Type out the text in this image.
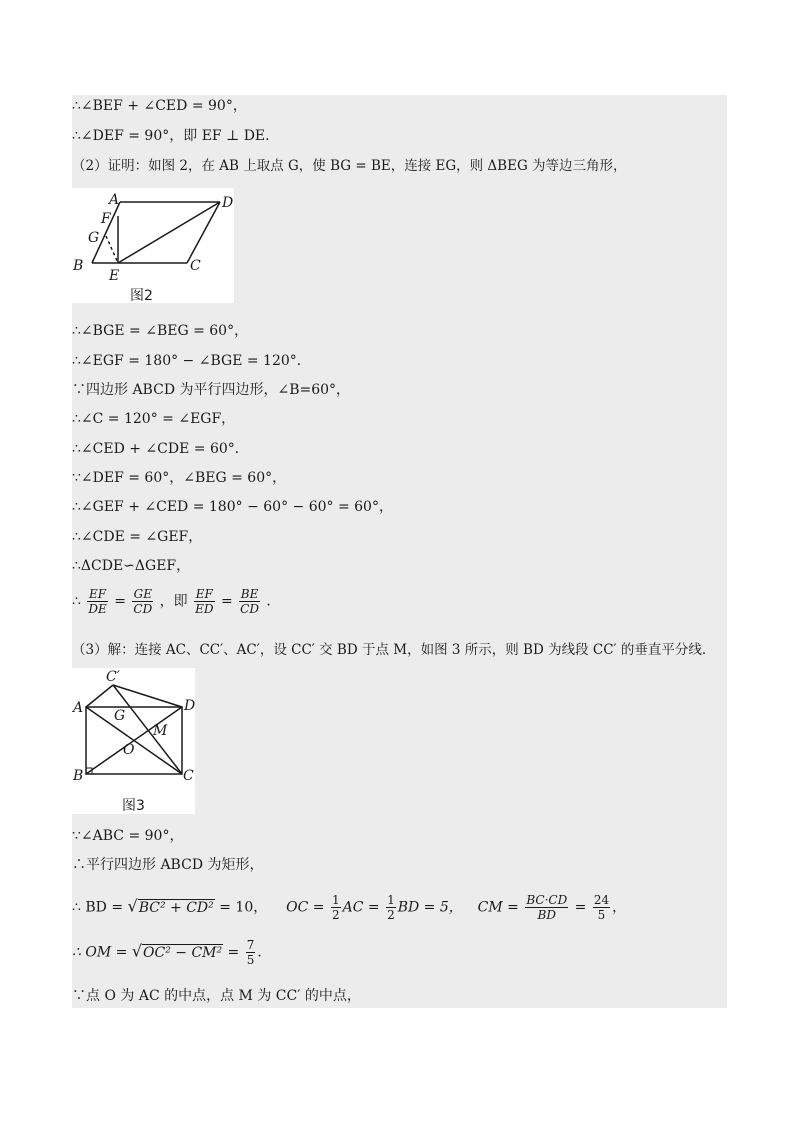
∴∠BEF + ∠CED = 90°，
∴∠DEF = 90°，即 EF ⊥ DE．
（2）证明：如图 2，在 AB 上取点 G，使 BG = BE，连接 EG，则 ΔBEG 为等边三角形，
A	D
F
G
B
E
C
图2
∴∠BGE = ∠BEG = 60°，
∴∠EGF = 180° − ∠BGE = 120°．
∵四边形 ABCD 为平行四边形，∠B=60°，
∴∠C = 120° = ∠EGF，
∴∠CED + ∠CDE = 60°．
∵∠DEF = 60°，∠BEG = 60°，
∴∠GEF + ∠CED = 180° − 60° − 60° = 60°，
∴∠CDE = ∠GEF，
∴ΔCDE∽ΔGEF，
∴ $\frac{EF}{DE} = \frac{GE}{CD}$ ，即 $\frac{EF}{ED} = \frac{BE}{CD}$ ．
（3）解：连接 AC、CC′、AC′，设 CC′ 交 BD 于点 M，如图 3 所示，则 BD 为线段 CC′ 的垂直平分线．
C′
A	D
G
M
O
B	C
图3
∵∠ABC = 90°，
∴平行四边形 ABCD 为矩形，
∴ BD = √BC² + CD² = 10， OC = $\frac{1}{2}$ AC = $\frac{1}{2}$ BD = 5， CM = $\frac{BC\cdot CD}{BD} = \frac{24}{5}$ ，
∴ OM = $√OC^2 - CM^2 = \frac{7}{5}$ ．
∵点 O 为 AC 的中点，点 M 为 CC′ 的中点，
